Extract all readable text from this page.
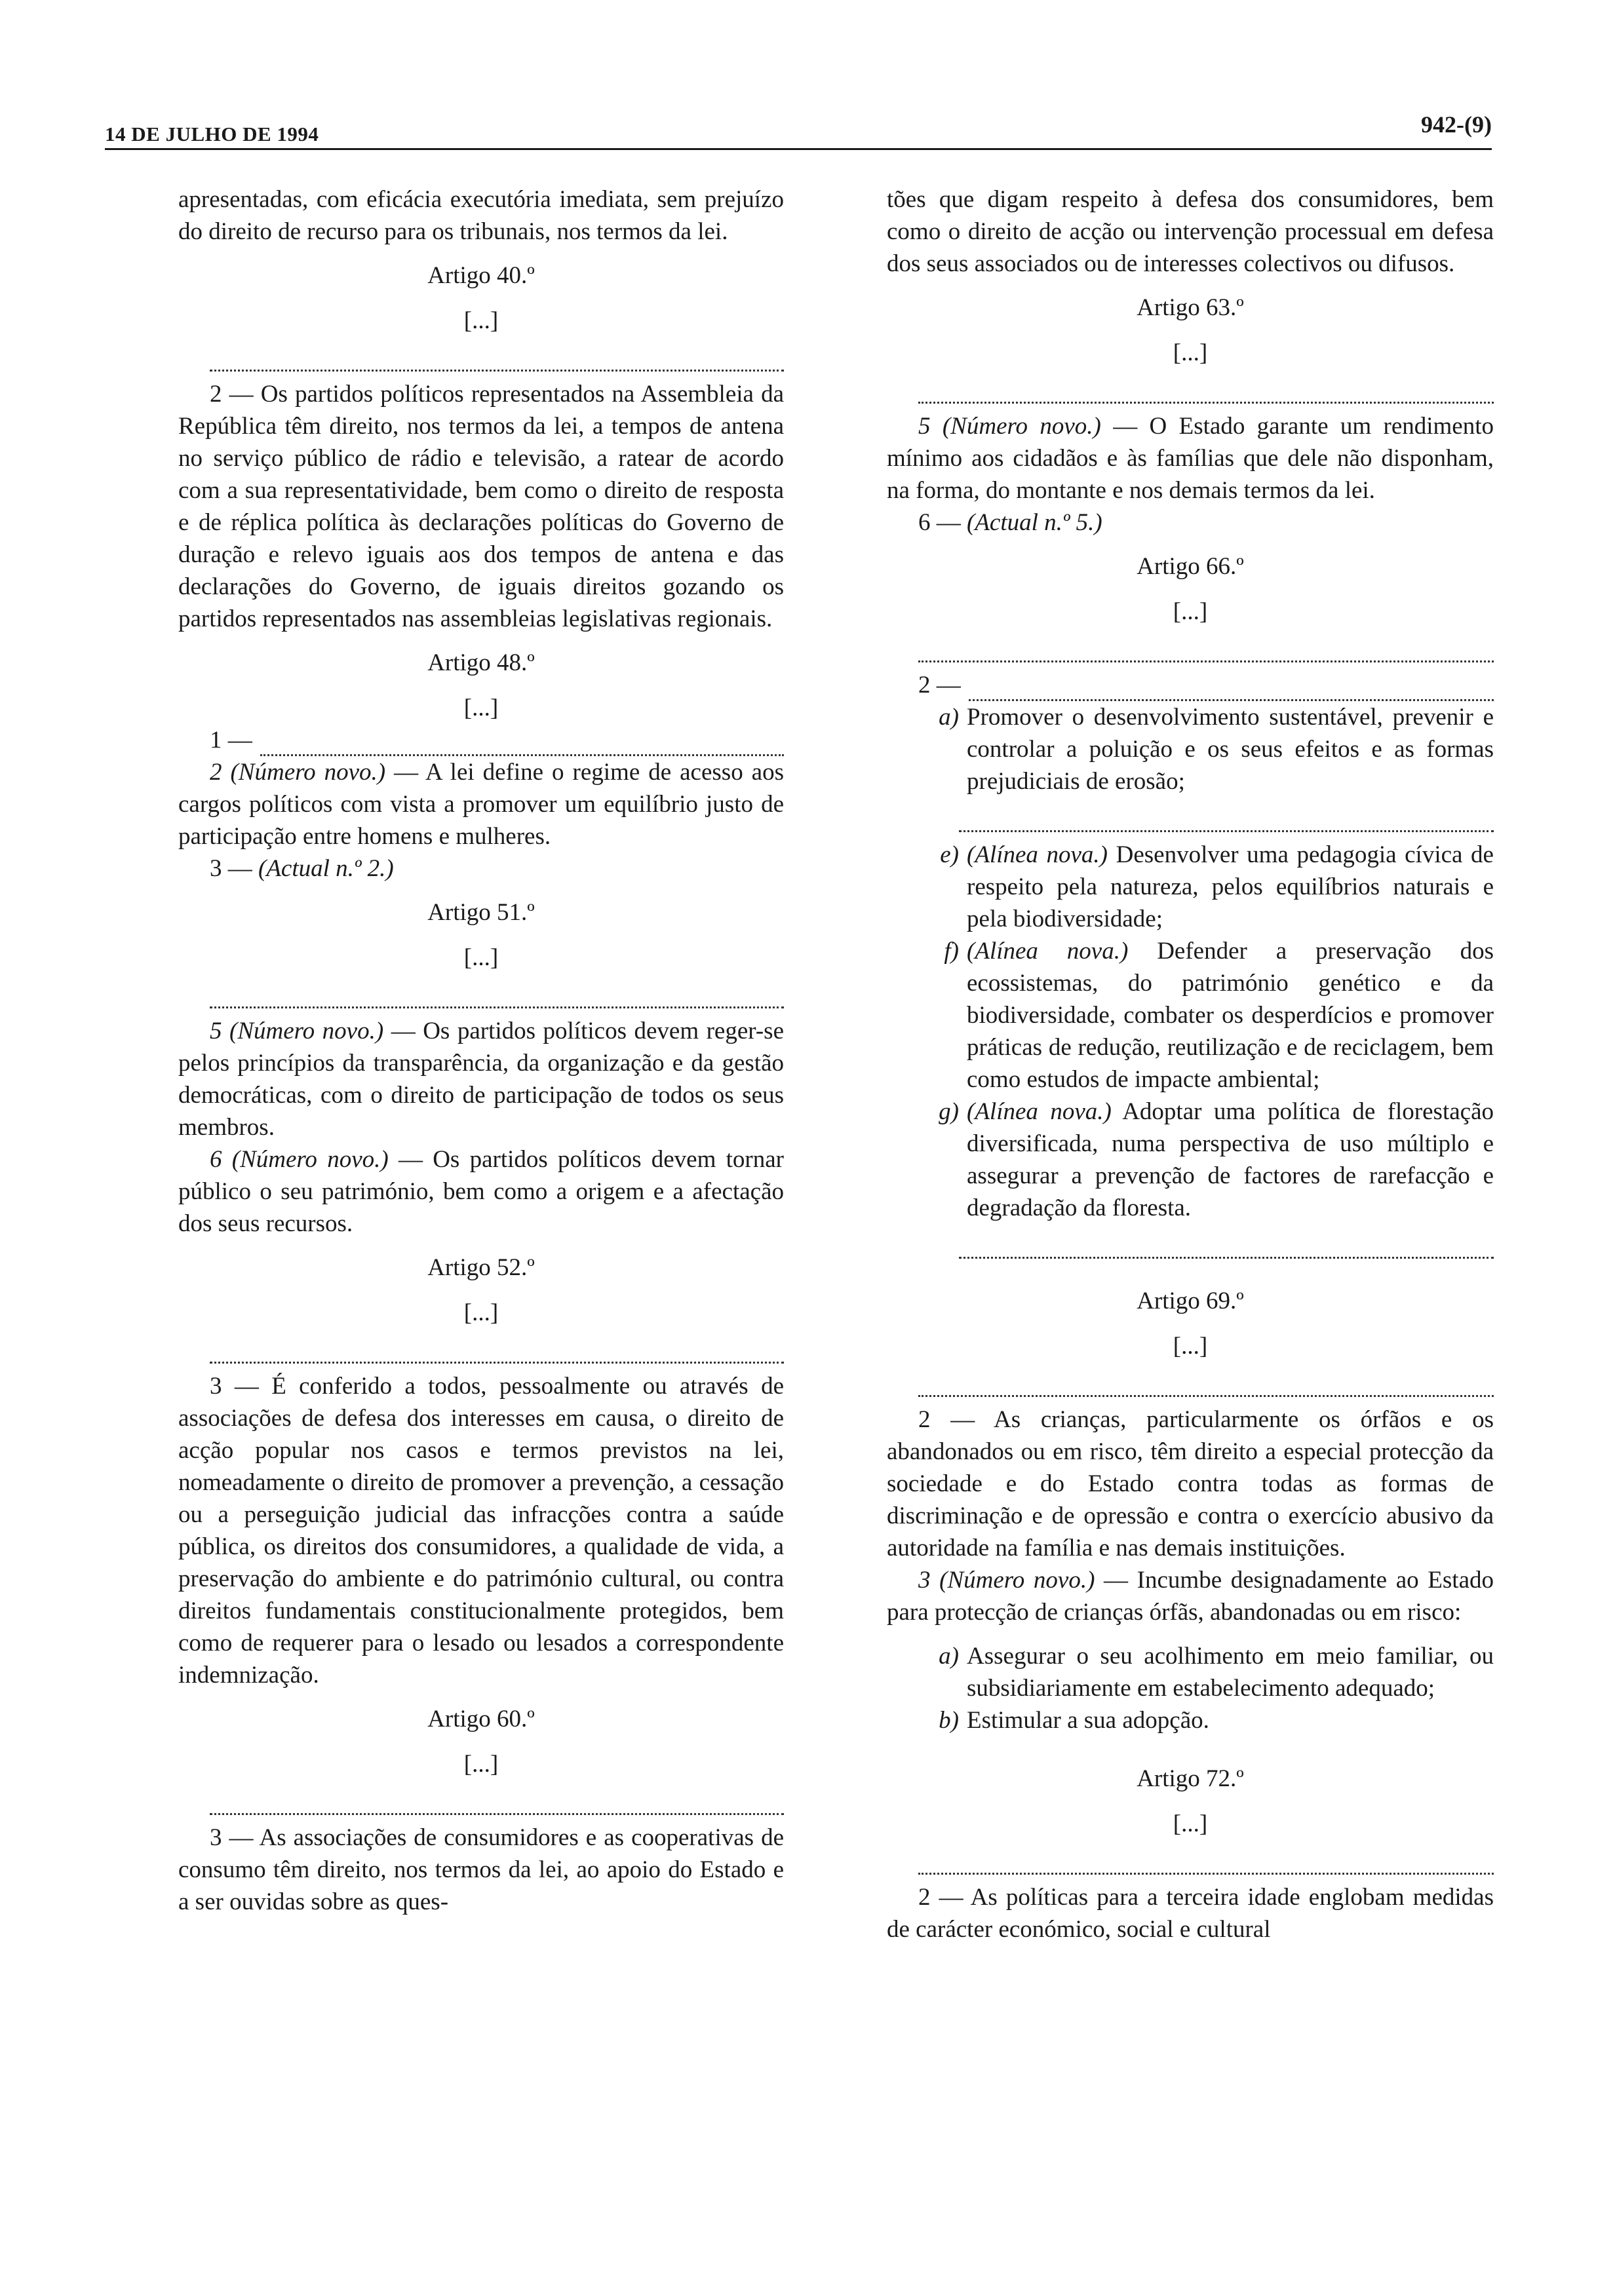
14 DE JULHO DE 1994	942-(9)

apresentadas, com eficácia executória imediata, sem prejuízo do direito de recurso para os tribunais, nos termos da lei.

Artigo 40.º

[...]

2 — Os partidos políticos representados na Assembleia da República têm direito, nos termos da lei, a tempos de antena no serviço público de rádio e televisão, a ratear de acordo com a sua representatividade, bem como o direito de resposta e de réplica política às declarações políticas do Governo de duração e relevo iguais aos dos tempos de antena e das declarações do Governo, de iguais direitos gozando os partidos representados nas assembleias legislativas regionais.

Artigo 48.º

[...]

1 —

2 (Número novo.) — A lei define o regime de acesso aos cargos políticos com vista a promover um equilíbrio justo de participação entre homens e mulheres.

3 — (Actual n.º 2.)

Artigo 51.º

[...]

5 (Número novo.) — Os partidos políticos devem reger-se pelos princípios da transparência, da organização e da gestão democráticas, com o direito de participação de todos os seus membros.

6 (Número novo.) — Os partidos políticos devem tornar público o seu património, bem como a origem e a afectação dos seus recursos.

Artigo 52.º

[...]

3 — É conferido a todos, pessoalmente ou através de associações de defesa dos interesses em causa, o direito de acção popular nos casos e termos previstos na lei, nomeadamente o direito de promover a prevenção, a cessação ou a perseguição judicial das infracções contra a saúde pública, os direitos dos consumidores, a qualidade de vida, a preservação do ambiente e do património cultural, ou contra direitos fundamentais constitucionalmente protegidos, bem como de requerer para o lesado ou lesados a correspondente indemnização.

Artigo 60.º

[...]

3 — As associações de consumidores e as cooperativas de consumo têm direito, nos termos da lei, ao apoio do Estado e a ser ouvidas sobre as ques-

tões que digam respeito à defesa dos consumidores, bem como o direito de acção ou intervenção processual em defesa dos seus associados ou de interesses colectivos ou difusos.

Artigo 63.º

[...]

5 (Número novo.) — O Estado garante um rendimento mínimo aos cidadãos e às famílias que dele não disponham, na forma, do montante e nos demais termos da lei.

6 — (Actual n.º 5.)

Artigo 66.º

[...]

2 —
a) Promover o desenvolvimento sustentável, prevenir e controlar a poluição e os seus efeitos e as formas prejudiciais de erosão;
e) (Alínea nova.) Desenvolver uma pedagogia cívica de respeito pela natureza, pelos equilíbrios naturais e pela biodiversidade;
f) (Alínea nova.) Defender a preservação dos ecossistemas, do património genético e da biodiversidade, combater os desperdícios e promover práticas de redução, reutilização e de reciclagem, bem como estudos de impacte ambiental;
g) (Alínea nova.) Adoptar uma política de florestação diversificada, numa perspectiva de uso múltiplo e assegurar a prevenção de factores de rarefacção e degradação da floresta.

Artigo 69.º

[...]

2 — As crianças, particularmente os órfãos e os abandonados ou em risco, têm direito a especial protecção da sociedade e do Estado contra todas as formas de discriminação e de opressão e contra o exercício abusivo da autoridade na família e nas demais instituições.

3 (Número novo.) — Incumbe designadamente ao Estado para protecção de crianças órfãs, abandonadas ou em risco:

a) Assegurar o seu acolhimento em meio familiar, ou subsidiariamente em estabelecimento adequado;
b) Estimular a sua adopção.

Artigo 72.º

[...]

2 — As políticas para a terceira idade englobam medidas de carácter económico, social e cultural
